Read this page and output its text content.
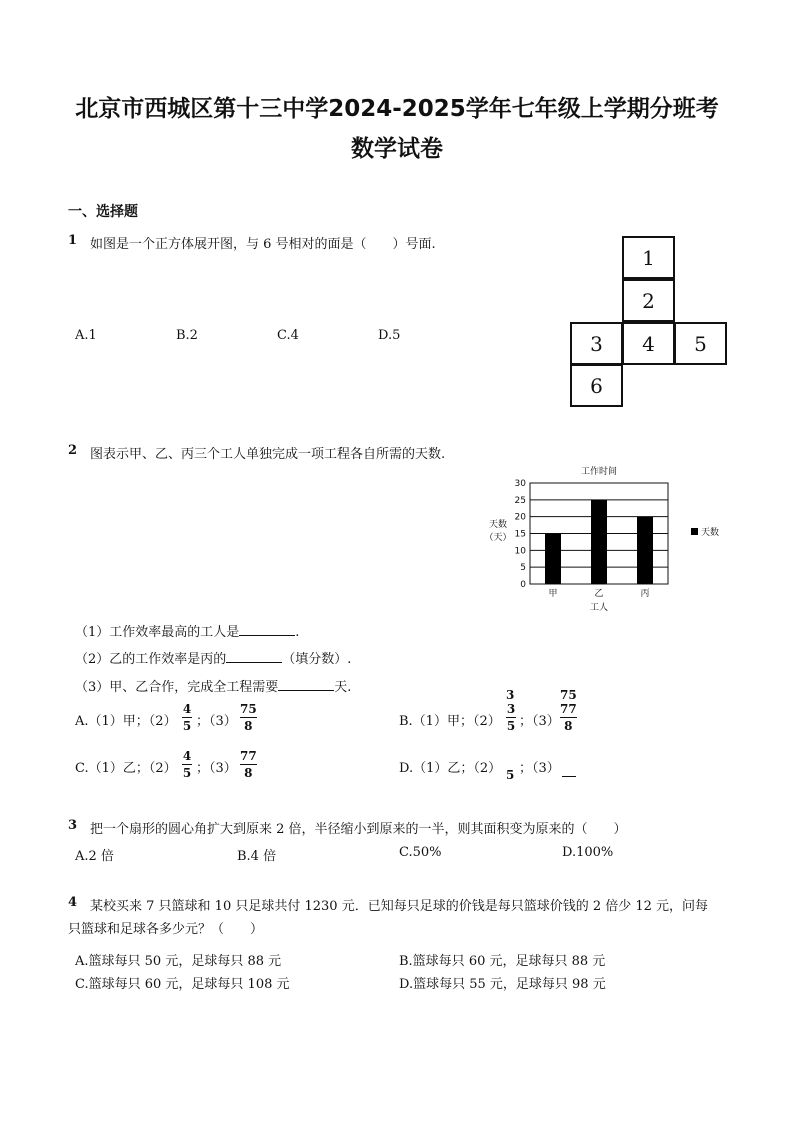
北京市西城区第十三中学2024-2025学年七年级上学期分班考
数学试卷
一、选择题
1 如图是一个正方体展开图，与 6 号相对的面是（　　）号面.
A.1	B.2	C.4	D.5
1
2
3	4	5
6
2 图表示甲、乙、丙三个工人单独完成一项工程各自所需的天数.
工作时间
天数
（天）
0
5
10
15
20
25
30
甲	乙	丙
工人
天数
（1）工作效率最高的工人是	.
（2）乙的工作效率是丙的	（填分数）.
（3）甲、乙合作，完成全工程需要	天.
A.（1）甲；（2）
4
5 ；（3）
75
8	B.（1）甲；（2）
3
3
5 ；（3）
75
77
8
C.（1）乙；（2）
4
5 ；（3）
77
8	D.（1）乙；（2） 5 ；（3）
3 把一个扇形的圆心角扩大到原来 2 倍，半径缩小到原来的一半，则其面积变为原来的（　　）
A.2 倍	B.4 倍	C.50%	D.100%
4 某校买来 7 只篮球和 10 只足球共付 1230 元．已知每只足球的价钱是每只篮球价钱的 2 倍少 12 元，问每
只篮球和足球各多少元？（　　）
A.篮球每只 50 元，足球每只 88 元	B.篮球每只 60 元，足球每只 88 元
C.篮球每只 60 元，足球每只 108 元	D.篮球每只 55 元，足球每只 98 元
